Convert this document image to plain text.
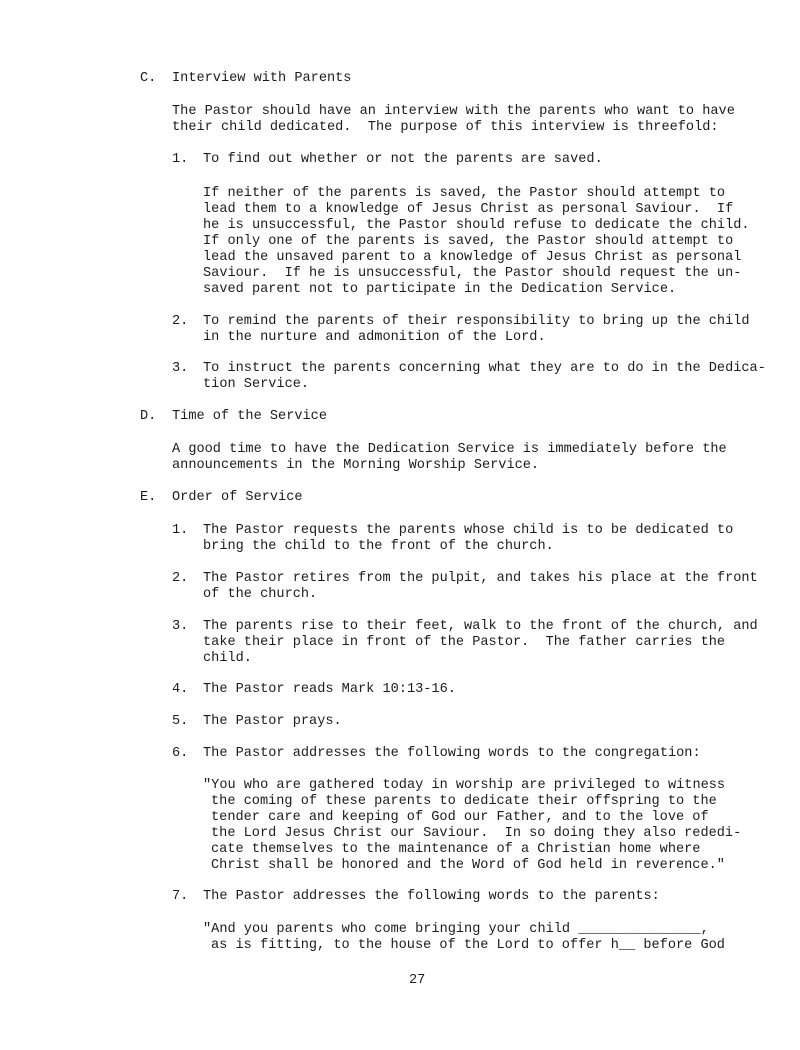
C. Interview with Parents
The Pastor should have an interview with the parents who want to have
their child dedicated.  The purpose of this interview is threefold:
1. To find out whether or not the parents are saved.
If neither of the parents is saved, the Pastor should attempt to
lead them to a knowledge of Jesus Christ as personal Saviour.  If
he is unsuccessful, the Pastor should refuse to dedicate the child.
If only one of the parents is saved, the Pastor should attempt to
lead the unsaved parent to a knowledge of Jesus Christ as personal
Saviour.  If he is unsuccessful, the Pastor should request the un-
saved parent not to participate in the Dedication Service.
2. To remind the parents of their responsibility to bring up the child
in the nurture and admonition of the Lord.
3. To instruct the parents concerning what they are to do in the Dedica-
tion Service.
D. Time of the Service
A good time to have the Dedication Service is immediately before the
announcements in the Morning Worship Service.
E. Order of Service
1. The Pastor requests the parents whose child is to be dedicated to
bring the child to the front of the church.
2. The Pastor retires from the pulpit, and takes his place at the front
of the church.
3. The parents rise to their feet, walk to the front of the church, and
take their place in front of the Pastor.  The father carries the
child.
4. The Pastor reads Mark 10:13-16.
5. The Pastor prays.
6. The Pastor addresses the following words to the congregation:
"You who are gathered today in worship are privileged to witness
the coming of these parents to dedicate their offspring to the
tender care and keeping of God our Father, and to the love of
the Lord Jesus Christ our Saviour.  In so doing they also rededi-
cate themselves to the maintenance of a Christian home where
Christ shall be honored and the Word of God held in reverence."
7. The Pastor addresses the following words to the parents:
"And you parents who come bringing your child _______________,
as is fitting, to the house of the Lord to offer h__ before God
27
